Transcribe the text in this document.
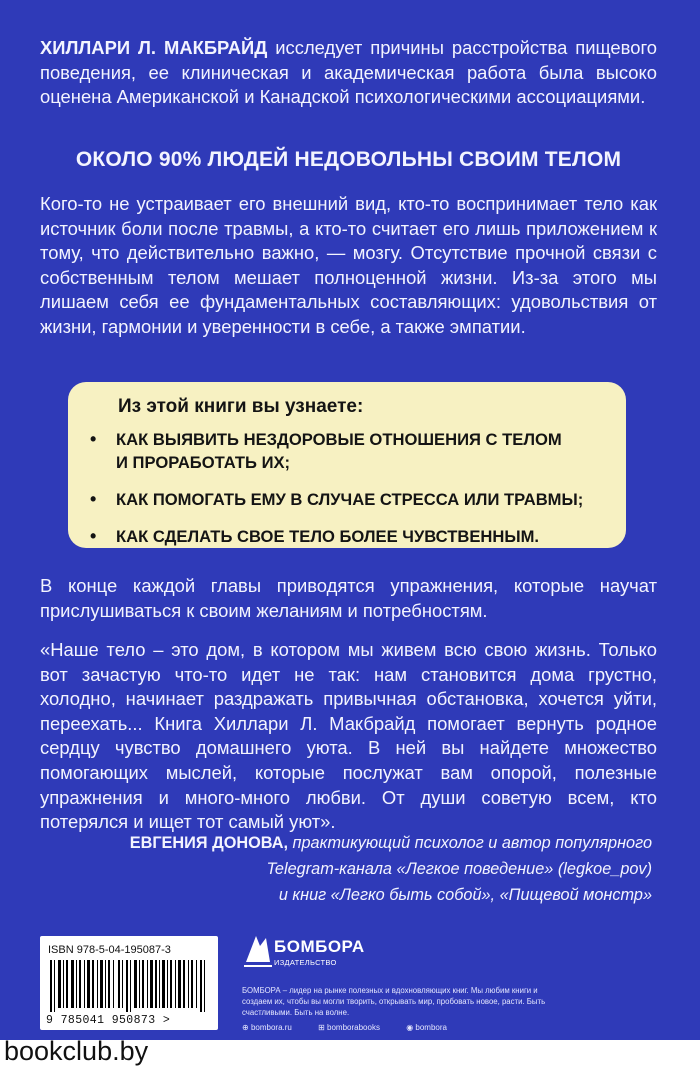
ХИЛЛАРИ Л. МАКБРАЙД исследует причины расстройства пищевого поведения, ее клиническая и академическая работа была высоко оценена Американской и Канадской психологическими ассоциациями.

ОКОЛО 90% ЛЮДЕЙ НЕДОВОЛЬНЫ СВОИМ ТЕЛОМ

Кого-то не устраивает его внешний вид, кто-то воспринимает тело как источник боли после травмы, а кто-то считает его лишь приложением к тому, что действительно важно, — мозгу. Отсутствие прочной связи с собственным телом мешает полноценной жизни. Из-за этого мы лишаем себя ее фундаментальных составляющих: удовольствия от жизни, гармонии и уверенности в себе, а также эмпатии.

Из этой книги вы узнаете:
• КАК ВЫЯВИТЬ НЕЗДОРОВЫЕ ОТНОШЕНИЯ С ТЕЛОМ И ПРОРАБОТАТЬ ИХ;
• КАК ПОМОГАТЬ ЕМУ В СЛУЧАЕ СТРЕССА ИЛИ ТРАВМЫ;
• КАК СДЕЛАТЬ СВОЕ ТЕЛО БОЛЕЕ ЧУВСТВЕННЫМ.

В конце каждой главы приводятся упражнения, которые научат прислушиваться к своим желаниям и потребностям.

«Наше тело – это дом, в котором мы живем всю свою жизнь. Только вот зачастую что-то идет не так: нам становится дома грустно, холодно, начинает раздражать привычная обстановка, хочется уйти, переехать... Книга Хиллари Л. Макбрайд помогает вернуть родное сердцу чувство домашнего уюта. В ней вы найдете множество помогающих мыслей, которые послужат вам опорой, полезные упражнения и много-много любви. От души советую всем, кто потерялся и ищет тот самый уют».

ЕВГЕНИЯ ДОНОВА, практикующий психолог и автор популярного
Telegram-канала «Легкое поведение» (legkoe_pov)
и книг «Легко быть собой», «Пищевой монстр»
ISBN 978-5-04-195087-3
9 785041 950873 >
БОМБОРА
ИЗДАТЕЛЬСТВО
БОМБОРА – лидер на рынке полезных и вдохновляющих книг. Мы любим книги и создаем их, чтобы вы могли творить, открывать мир, пробовать новое, расти. Быть счастливыми. Быть на волне.
⊕ bombora.ru	⊞ bomborabooks	◉ bombora
bookclub.by
